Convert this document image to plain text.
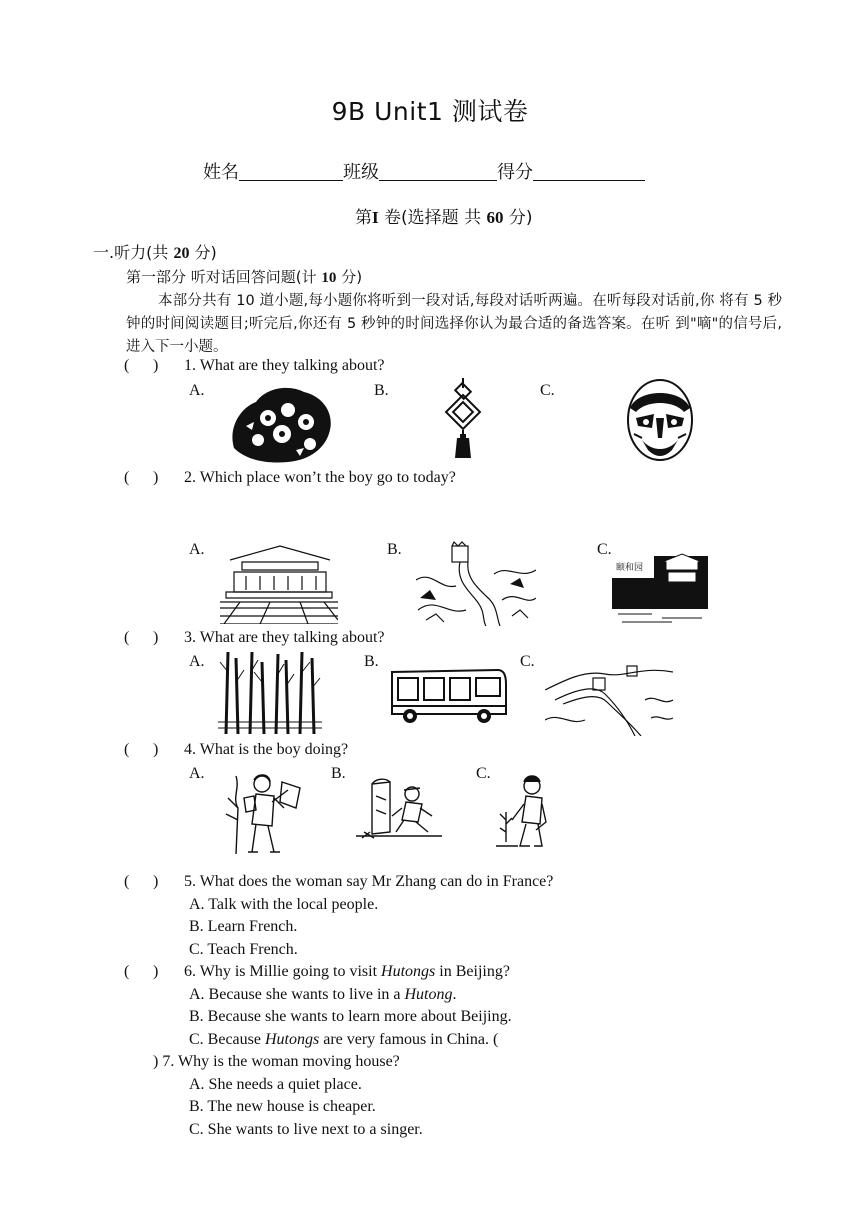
9B Unit1 测试卷
姓名	班级	得分
第I 卷(选择题 共 60 分)
一.听力(共 20 分)
第一部分 听对话回答问题(计 10 分)
本部分共有 10 道小题,每小题你将听到一段对话,每段对话听两遍。在听每段对话前,你 将有 5 秒钟的时间阅读题目;听完后,你还有 5 秒钟的时间选择你认为最合适的备选答案。在听 到"嘀"的信号后,进入下一小题。
( ) 1. What are they talking about?
A.	B.	C.
( ) 2. Which place won’t the boy go to today?
A.	B.	C.
颐和园
( ) 3. What are they talking about?
A.	B.	C.
( ) 4. What is the boy doing?
A.	B.	C.
( ) 5. What does the woman say Mr Zhang can do in France?
A. Talk with the local people.
B. Learn French.
C. Teach French.
( ) 6. Why is Millie going to visit Hutongs in Beijing?
A. Because she wants to live in a Hutong.
B. Because she wants to learn more about Beijing.
C. Because Hutongs are very famous in China. (
) 7. Why is the woman moving house?
A. She needs a quiet place.
B. The new house is cheaper.
C. She wants to live next to a singer.
